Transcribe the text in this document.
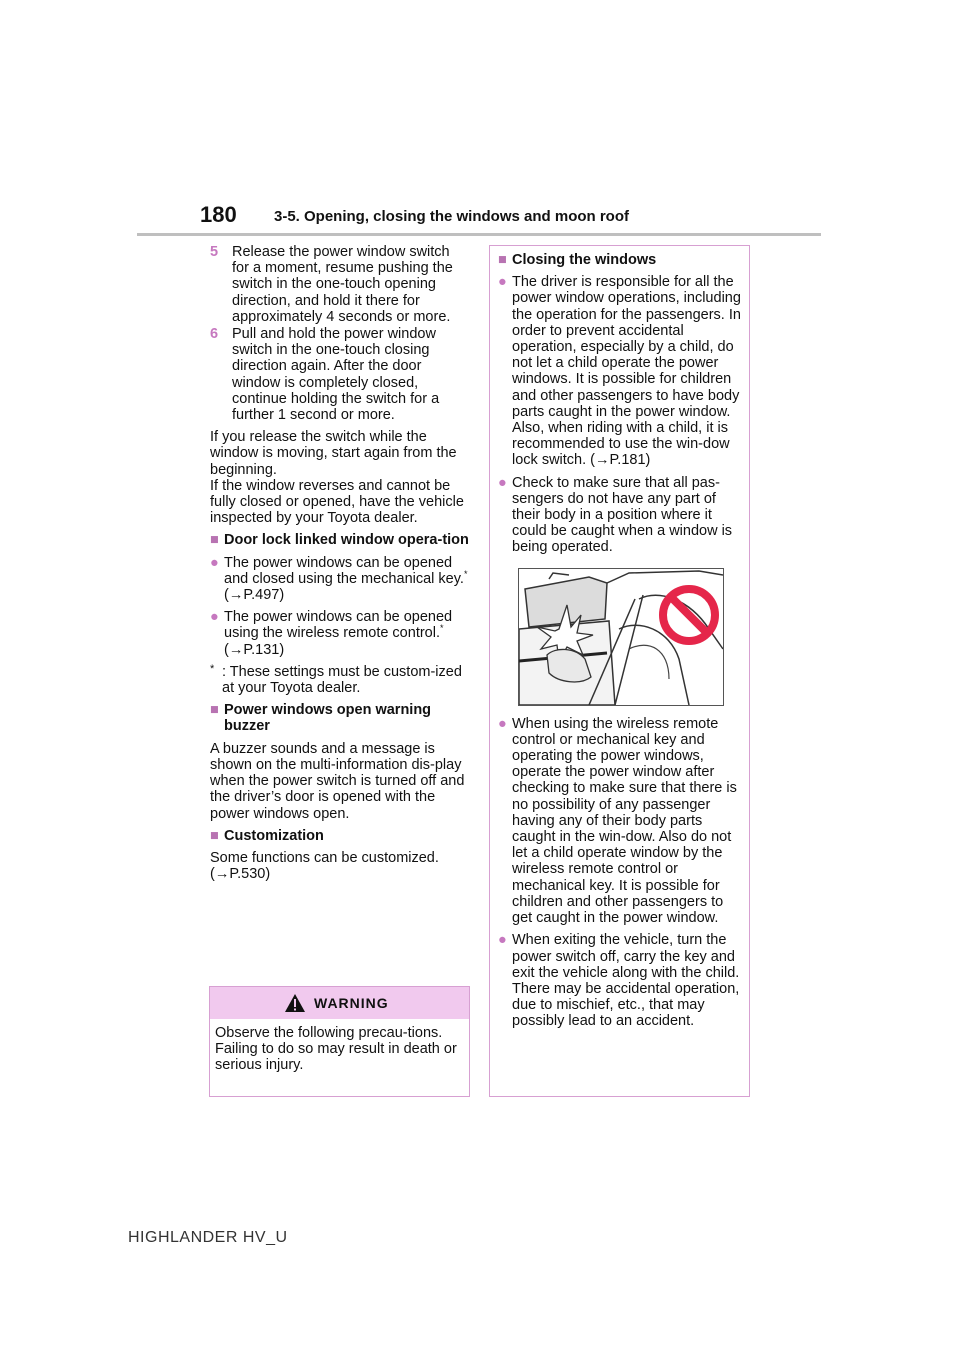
180 3-5. Opening, closing the windows and moon roof
5 Release the power window switch for a moment, resume pushing the switch in the one-touch opening direction, and hold it there for approximately 4 seconds or more.
6 Pull and hold the power window switch in the one-touch closing direction again. After the door window is completely closed, continue holding the switch for a further 1 second or more.

If you release the switch while the window is moving, start again from the beginning.

If the window reverses and cannot be fully closed or opened, have the vehicle inspected by your Toyota dealer.

■ Door lock linked window opera-tion
● The power windows can be opened and closed using the mechanical key.* (→P.497)
● The power windows can be opened using the wireless remote control.* (→P.131)
* : These settings must be custom-ized at your Toyota dealer.
■ Power windows open warning buzzer

A buzzer sounds and a message is shown on the multi-information dis-play when the power switch is turned off and the driver’s door is opened with the power windows open.

■ Customization

Some functions can be customized. (→P.530)

WARNING
Observe the following precau-tions.
Failing to do so may result in death or serious injury.
■ Closing the windows
● The driver is responsible for all the power window operations, including the operation for the passengers. In order to prevent accidental operation, especially by a child, do not let a child operate the power windows. It is possible for children and other passengers to have body parts caught in the power window. Also, when riding with a child, it is recommended to use the win-dow lock switch. (→P.181)
● Check to make sure that all pas-sengers do not have any part of their body in a position where it could be caught when a window is being operated.
● When using the wireless remote control or mechanical key and operating the power windows, operate the power window after checking to make sure that there is no possibility of any passenger having any of their body parts caught in the win-dow. Also do not let a child operate window by the wireless remote control or mechanical key. It is possible for children and other passengers to get caught in the power window.
● When exiting the vehicle, turn the power switch off, carry the key and exit the vehicle along with the child. There may be accidental operation, due to mischief, etc., that may possibly lead to an accident.
HIGHLANDER HV_U
